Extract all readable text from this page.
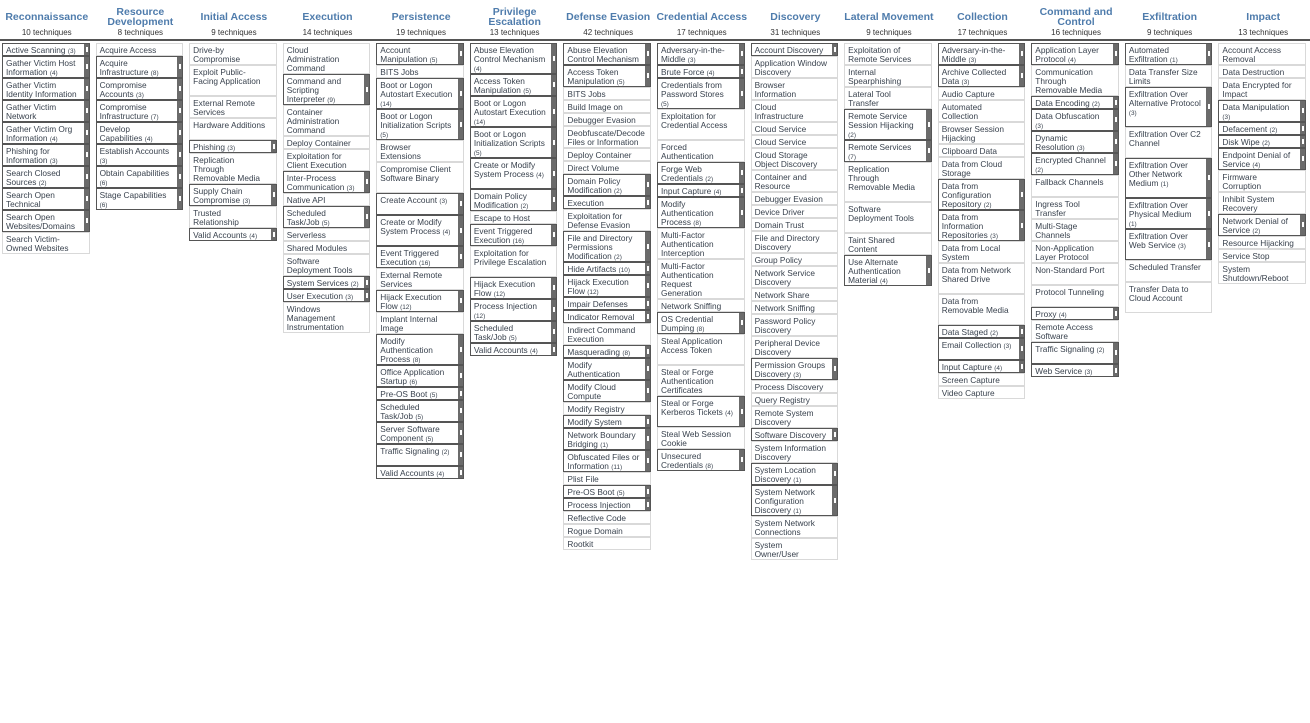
Reconnaissance
10 techniques
Active Scanning (3)
Gather Victim Host Information (4)
Gather Victim Identity Information
Gather Victim Network
Gather Victim Org Information (4)
Phishing for Information (3)
Search Closed Sources (2)
Search Open Technical
Search Open Websites/Domains
Search Victim-Owned Websites
Resource Development
8 techniques
Acquire Access
Acquire Infrastructure (8)
Compromise Accounts (3)
Compromise Infrastructure (7)
Develop Capabilities (4)
Establish Accounts (3)
Obtain Capabilities (6)
Stage Capabilities (6)
Initial Access
9 techniques
Drive-by Compromise
Exploit Public-Facing Application
External Remote Services
Hardware Additions
Phishing (3)
Replication Through Removable Media
Supply Chain Compromise (3)
Trusted Relationship
Valid Accounts (4)
Execution
14 techniques
Cloud Administration Command
Command and Scripting Interpreter (9)
Container Administration Command
Deploy Container
Exploitation for Client Execution
Inter-Process Communication (3)
Native API
Scheduled Task/Job (5)
Serverless
Shared Modules
Software Deployment Tools
System Services (2)
User Execution (3)
Windows Management Instrumentation
Persistence
19 techniques
Account Manipulation (5)
BITS Jobs
Boot or Logon Autostart Execution (14)
Boot or Logon Initialization Scripts (5)
Browser Extensions
Compromise Client Software Binary
Create Account (3)
Create or Modify System Process (4)
Event Triggered Execution (16)
External Remote Services
Hijack Execution Flow (12)
Implant Internal Image
Modify Authentication Process (8)
Office Application Startup (6)
Pre-OS Boot (5)
Scheduled Task/Job (5)
Server Software Component (5)
Traffic Signaling (2)
Valid Accounts (4)
Privilege Escalation
13 techniques
Abuse Elevation Control Mechanism (4)
Access Token Manipulation (5)
Boot or Logon Autostart Execution (14)
Boot or Logon Initialization Scripts (5)
Create or Modify System Process (4)
Domain Policy Modification (2)
Escape to Host
Event Triggered Execution (16)
Exploitation for Privilege Escalation
Hijack Execution Flow (12)
Process Injection (12)
Scheduled Task/Job (5)
Valid Accounts (4)
Defense Evasion
42 techniques
Abuse Elevation Control Mechanism
Access Token Manipulation (5)
BITS Jobs
Build Image on
Debugger Evasion
Deobfuscate/Decode Files or Information
Deploy Container
Direct Volume
Domain Policy Modification (2)
Execution
Exploitation for Defense Evasion
File and Directory Permissions Modification (2)
Hide Artifacts (10)
Hijack Execution Flow (12)
Impair Defenses
Indicator Removal
Indirect Command Execution
Masquerading (8)
Modify Authentication
Modify Cloud Compute
Modify Registry
Modify System
Network Boundary Bridging (1)
Obfuscated Files or Information (11)
Plist File
Pre-OS Boot (5)
Process Injection
Reflective Code
Rogue Domain
Rootkit
Credential Access
17 techniques
Adversary-in-the-Middle (3)
Brute Force (4)
Credentials from Password Stores (5)
Exploitation for Credential Access
Forced Authentication
Forge Web Credentials (2)
Input Capture (4)
Modify Authentication Process (8)
Multi-Factor Authentication Interception
Multi-Factor Authentication Request Generation
Network Sniffing
OS Credential Dumping (8)
Steal Application Access Token
Steal or Forge Authentication Certificates
Steal or Forge Kerberos Tickets (4)
Steal Web Session Cookie
Unsecured Credentials (8)
Discovery
31 techniques
Account Discovery
Application Window Discovery
Browser Information
Cloud Infrastructure
Cloud Service
Cloud Service
Cloud Storage Object Discovery
Container and Resource
Debugger Evasion
Device Driver
Domain Trust
File and Directory Discovery
Group Policy
Network Service Discovery
Network Share
Network Sniffing
Password Policy Discovery
Peripheral Device Discovery
Permission Groups Discovery (3)
Process Discovery
Query Registry
Remote System Discovery
Software Discovery
System Information Discovery
System Location Discovery (1)
System Network Configuration Discovery (1)
System Network Connections
System Owner/User
Lateral Movement
9 techniques
Exploitation of Remote Services
Internal Spearphishing
Lateral Tool Transfer
Remote Service Session Hijacking (2)
Remote Services (7)
Replication Through Removable Media
Software Deployment Tools
Taint Shared Content
Use Alternate Authentication Material (4)
Collection
17 techniques
Adversary-in-the-Middle (3)
Archive Collected Data (3)
Audio Capture
Automated Collection
Browser Session Hijacking
Clipboard Data
Data from Cloud Storage
Data from Configuration Repository (2)
Data from Information Repositories (3)
Data from Local System
Data from Network Shared Drive
Data from Removable Media
Data Staged (2)
Email Collection (3)
Input Capture (4)
Screen Capture
Video Capture
Command and Control
16 techniques
Application Layer Protocol (4)
Communication Through Removable Media
Data Encoding (2)
Data Obfuscation (3)
Dynamic Resolution (3)
Encrypted Channel (2)
Fallback Channels
Ingress Tool Transfer
Multi-Stage Channels
Non-Application Layer Protocol
Non-Standard Port
Protocol Tunneling
Proxy (4)
Remote Access Software
Traffic Signaling (2)
Web Service (3)
Exfiltration
9 techniques
Automated Exfiltration (1)
Data Transfer Size Limits
Exfiltration Over Alternative Protocol (3)
Exfiltration Over C2 Channel
Exfiltration Over Other Network Medium (1)
Exfiltration Over Physical Medium (1)
Exfiltration Over Web Service (3)
Scheduled Transfer
Transfer Data to Cloud Account
Impact
13 techniques
Account Access Removal
Data Destruction
Data Encrypted for Impact
Data Manipulation (3)
Defacement (2)
Disk Wipe (2)
Endpoint Denial of Service (4)
Firmware Corruption
Inhibit System Recovery
Network Denial of Service (2)
Resource Hijacking
Service Stop
System Shutdown/Reboot
